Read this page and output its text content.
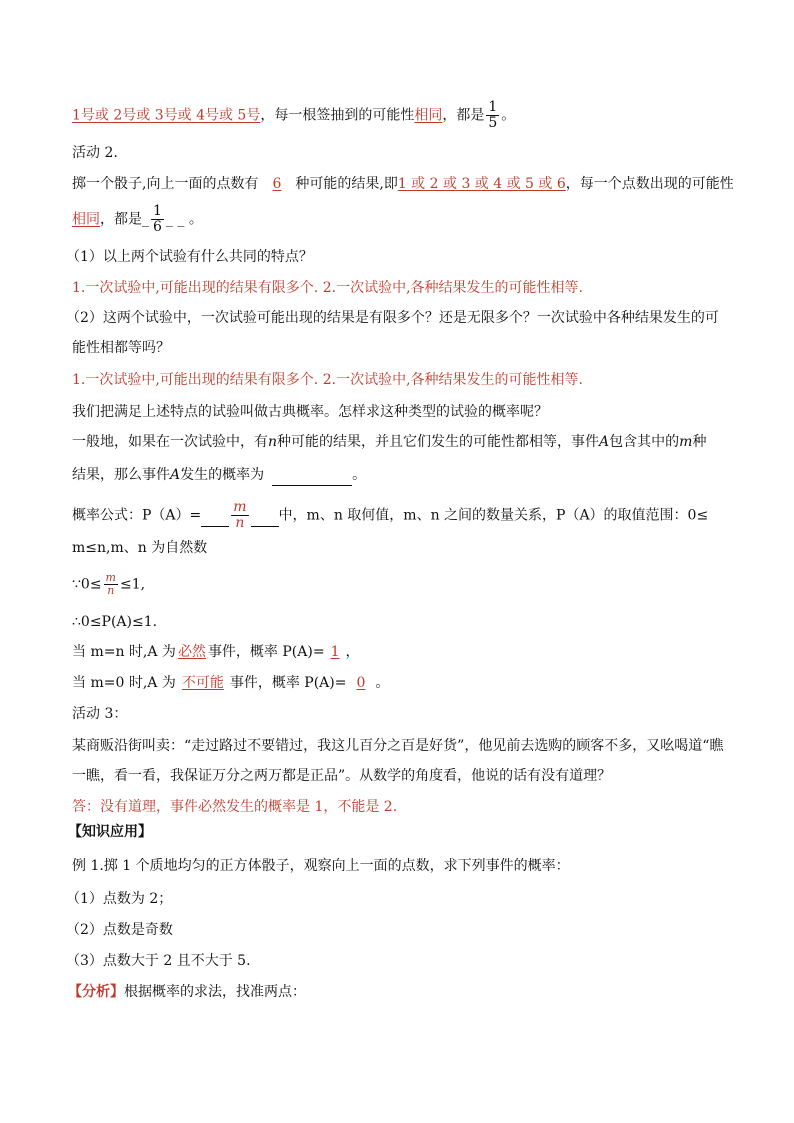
1号或 2号或 3号或 4号或 5号，每一根签抽到的可能性相同，都是 $\frac{1}{5}$ 。
活动 2.
掷一个骰子,向上一面的点数有 6 种可能的结果,即1 或 2 或 3 或 4 或 5 或 6，每一个点数出现的可能性
相同，都是_ $\frac{1}{6}$ _ _ 。
（1）以上两个试验有什么共同的特点？
1.一次试验中,可能出现的结果有限多个. 2.一次试验中,各种结果发生的可能性相等.
（2）这两个试验中，一次试验可能出现的结果是有限多个？还是无限多个？一次试验中各种结果发生的可
能性相都等吗？
1.一次试验中,可能出现的结果有限多个. 2.一次试验中,各种结果发生的可能性相等.
我们把满足上述特点的试验叫做古典概率。怎样求这种类型的试验的概率呢？
一般地，如果在一次试验中，有n种可能的结果，并且它们发生的可能性都相等，事件A包含其中的m种
结果，那么事件A发生的概率为	。
概率公式：$P(A)= \frac{m}{n}$ 中，m、n 取何值，m、n 之间的数量关系，P（A）的取值范围：0≤
m≤n,m、n 为自然数
∵0≤ $\frac{m}{n} \le 1$,
∴0≤P(A)≤1.
当 m=n 时,A 为 必然 事件，概率 P(A)= 1 ，
当 m=0 时,A 为 不可能 事件，概率 P(A)= 0 。
活动 3：
某商贩沿街叫卖：“走过路过不要错过，我这儿百分之百是好货”，他见前去选购的顾客不多，又吆喝道“瞧
一瞧，看一看，我保证万分之两万都是正品”。从数学的角度看，他说的话有没有道理？
答：没有道理，事件必然发生的概率是 1，不能是 2.
【知识应用】
例 1.掷 1 个质地均匀的正方体骰子，观察向上一面的点数，求下列事件的概率：
（1）点数为 2；
（2）点数是奇数
（3）点数大于 2 且不大于 5.
【分析】根据概率的求法，找准两点：
